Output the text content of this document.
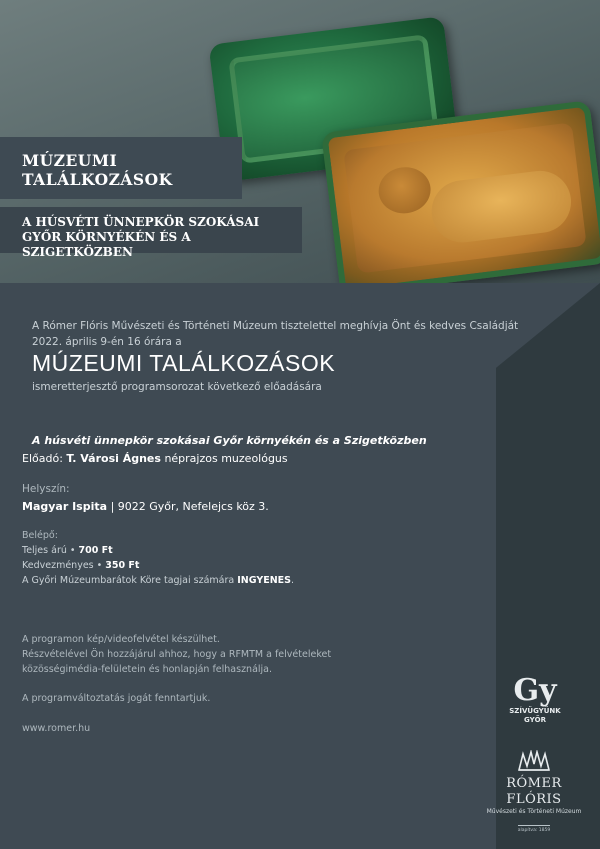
MÚZEUMI
TALÁLKOZÁSOK
A HÚSVÉTI ÜNNEPKÖR SZOKÁSAI
GYŐR KÖRNYÉKÉN ÉS A SZIGETKÖZBEN
A Rómer Flóris Művészeti és Történeti Múzeum tisztelettel meghívja Önt és kedves Családját
2022. április 9-én 16 órára a
MÚZEUMI TALÁLKOZÁSOK
ismeretterjesztő programsorozat következő előadására
A húsvéti ünnepkör szokásai Győr környékén és a Szigetközben
Előadó: T. Városi Ágnes néprajzos muzeológus
Helyszín:
Magyar Ispita | 9022 Győr, Nefelejcs köz 3.
Belépő:
Teljes árú • 700 Ft
Kedvezményes • 350 Ft
A Győri Múzeumbarátok Köre tagjai számára INGYENES.
A programon kép/videofelvétel készülhet.
Részvételével Ön hozzájárul ahhoz, hogy a RFMTM a felvételeket
közösségimédia-felületein és honlapján felhasználja.
A programváltoztatás jogát fenntartjuk.
www.romer.hu
Gy
SZÍVÜGYÜNK
GYŐR
RÓMER FLÓRIS
Művészeti és Történeti Múzeum
alapítva: 1859
